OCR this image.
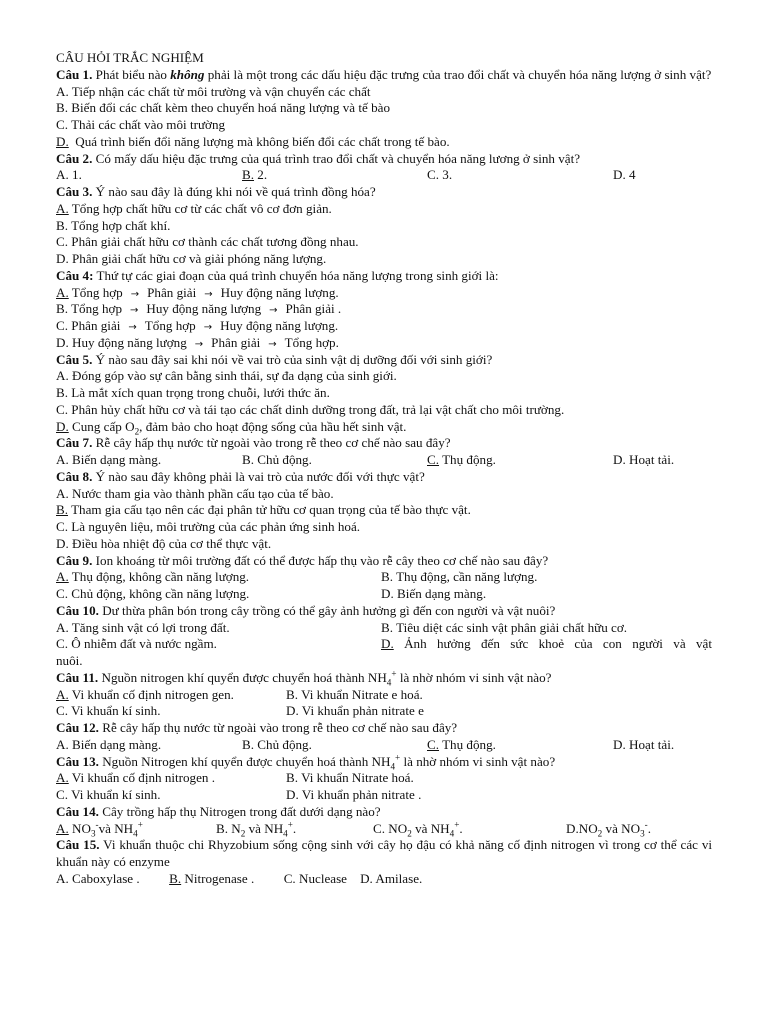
CÂU HỎI TRẮC NGHIỆM
Câu 1. Phát biểu nào không phải là một trong các dấu hiệu đặc trưng của trao đổi chất và chuyển hóa năng lượng ở sinh vật?
A. Tiếp nhận các chất từ môi trường và vận chuyển các chất
B. Biến đổi các chất kèm theo chuyển hoá năng lượng và tế bào
C. Thải các chất vào môi trường
D. Quá trình biến đổi năng lượng mà không biến đổi các chất trong tế bào.
Câu 2. Có mấy dấu hiệu đặc trưng của quá trình trao đổi chất và chuyển hóa năng lương ở sinh vật?
A. 1.	B. 2.	C. 3.	D. 4
Câu 3. Ý nào sau đây là đúng khi nói về quá trình đồng hóa?
A. Tổng hợp chất hữu cơ từ các chất vô cơ đơn giản.
B. Tổng hợp chất khí.
C. Phân giải chất hữu cơ thành các chất tương đồng nhau.
D. Phân giải chất hữu cơ và giải phóng năng lượng.
Câu 4: Thứ tự các giai đoạn của quá trình chuyển hóa năng lượng trong sinh giới là:
A. Tổng hợp → Phân giải → Huy động năng lượng.
B. Tổng hợp → Huy động năng lượng → Phân giải .
C. Phân giải → Tổng hợp → Huy động năng lượng.
D. Huy động năng lượng → Phân giải → Tổng hợp.
Câu 5. Ý nào sau đây sai khi nói về vai trò của sinh vật dị dưỡng đối với sinh giới?
A. Đóng góp vào sự cân bằng sinh thái, sự đa dạng của sinh giới.
B. Là mắt xích quan trọng trong chuỗi, lưới thức ăn.
C. Phân hủy chất hữu cơ và tái tạo các chất dinh dưỡng trong đất, trả lại vật chất cho môi trường.
D. Cung cấp $O_2$, đảm bảo cho hoạt động sống của hầu hết sinh vật.
Câu 7. Rễ cây hấp thụ nước từ ngoài vào trong rễ theo cơ chế nào sau đây?
A. Biến dạng màng.	B. Chủ động.	C. Thụ động.	D. Hoạt tải.
Câu 8. Ý nào sau đây không phải là vai trò của nước đối với thực vật?
A. Nước tham gia vào thành phần cấu tạo của tế bào.
B. Tham gia cấu tạo nên các đại phân tử hữu cơ quan trọng của tế bào thực vật.
C. Là nguyên liệu, môi trường của các phản ứng sinh hoá.
D. Điều hòa nhiệt độ của cơ thể thực vật.
Câu 9. Ion khoáng từ môi trường đất có thể được hấp thụ vào rễ cây theo cơ chế nào sau đây?
A. Thụ động, không cần năng lượng.	B. Thụ động, cần năng lượng.
C. Chủ động, không cần năng lượng.	D. Biến dạng màng.
Câu 10. Dư thừa phân bón trong cây trồng có thể gây ảnh hưởng gì đến con người và vật nuôi?
A. Tăng sinh vật có lợi trong đất.	B. Tiêu diệt các sinh vật phân giải chất hữu cơ.
C. Ô nhiễm đất và nước ngầm.	D. Ảnh hưởng đến sức khoẻ của con người và vật
nuôi.
Câu 11. Nguồn nitrogen khí quyển được chuyển hoá thành $NH_4^+$ là nhờ nhóm vi sinh vật nào?
A. Vi khuẩn cố định nitrogen gen.	B. Vi khuẩn Nitrate e hoá.
C. Vi khuẩn kí sinh.	D. Vi khuẩn phản nitrate e
Câu 12. Rễ cây hấp thụ nước từ ngoài vào trong rễ theo cơ chế nào sau đây?
A. Biến dạng màng.	B. Chủ động.	C. Thụ động.	D. Hoạt tải.
Câu 13. Nguồn Nitrogen khí quyển được chuyển hoá thành $NH_4^+$ là nhờ nhóm vi sinh vật nào?
A. Vi khuẩn cố định nitrogen .	B. Vi khuẩn Nitrate hoá.
C. Vi khuẩn kí sinh.	D. Vi khuẩn phản nitrate .
Câu 14. Cây trồng hấp thụ Nitrogen trong đất dưới dạng nào?
A. $NO_3^-và$ $NH_4^+$	B. $N_2$ và $NH_4^+$.	C. $NO_2$ và $NH_4^+$.	$D.NO_2$ và $NO_3^-$.
Câu 15. Vi khuẩn thuộc chi Rhyzobium sống cộng sinh với cây họ đậu có khả năng cố định nitrogen vì trong cơ thể các vi khuẩn này có enzyme
A. Caboxylase . B. Nitrogenase . C. Nuclease D. Amilase.
